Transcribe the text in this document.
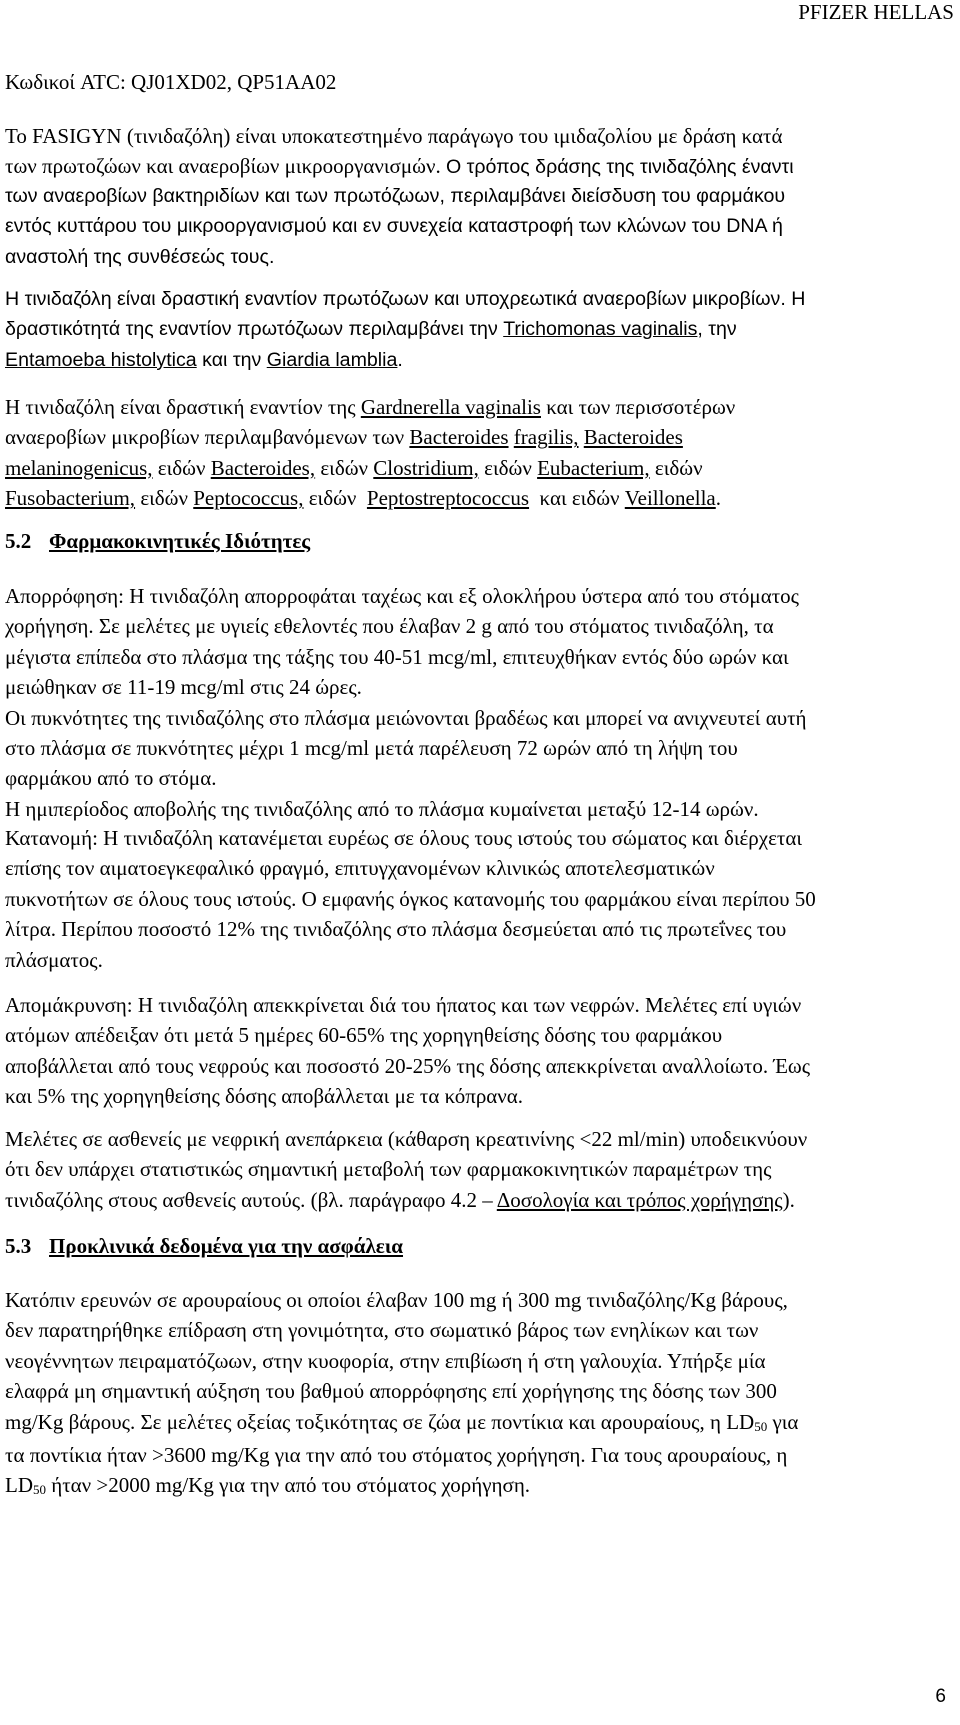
PFIZER HELLAS

Κωδικοί ATC: QJ01XD02, QP51AA02

Το FASIGYN (τινιδαζόλη) είναι υποκατεστημένο παράγωγο του ιμιδαζολίου με δράση κατά

των πρωτοζώων και αναεροβίων μικροοργανισμών. Ο τρόπος δράσης της τινιδαζόλης έναντι

των αναεροβίων βακτηριδίων και των πρωτόζωων, περιλαμβάνει διείσδυση του φαρμάκου

εντός κυττάρου του μικροοργανισμού και εν συνεχεία καταστροφή των κλώνων του DNA ή

αναστολή της συνθέσεώς τους.

Η τινιδαζόλη είναι δραστική εναντίον πρωτόζωων και υποχρεωτικά αναεροβίων μικροβίων. Η

δραστικότητά της εναντίον πρωτόζωων περιλαμβάνει την Trichomonas vaginalis, την

Entamoeba histolytica και την Giardia lamblia.

Η τινιδαζόλη είναι δραστική εναντίον της Gardnerella vaginalis και των περισσοτέρων

αναεροβίων μικροβίων περιλαμβανόμενων των Bacteroides fragilis, Bacteroides

melaninogenicus, ειδών Bacteroides, ειδών Clostridium, ειδών Eubacterium, ειδών

Fusobacterium, ειδών Peptococcus, ειδών  Peptostreptococcus  και ειδών Veillonella.

5.2 Φαρμακοκινητικές Ιδιότητες

Απορρόφηση: Η τινιδαζόλη απορροφάται ταχέως και εξ ολοκλήρου ύστερα από του στόματος

χορήγηση. Σε μελέτες με υγιείς εθελοντές που έλαβαν 2 g από του στόματος τινιδαζόλη, τα

μέγιστα επίπεδα στο πλάσμα της τάξης του 40-51 mcg/ml, επιτευχθήκαν εντός δύο ωρών και

μειώθηκαν σε 11-19 mcg/ml στις 24 ώρες.

Οι πυκνότητες της τινιδαζόλης στο πλάσμα μειώνονται βραδέως και μπορεί να ανιχνευτεί αυτή

στο πλάσμα σε πυκνότητες μέχρι 1 mcg/ml μετά παρέλευση 72 ωρών από τη λήψη του

φαρμάκου από το στόμα.

Η ημιπερίοδος αποβολής της τινιδαζόλης από το πλάσμα κυμαίνεται μεταξύ 12-14 ωρών.

Κατανομή: Η τινιδαζόλη κατανέμεται ευρέως σε όλους τους ιστούς του σώματος και διέρχεται

επίσης τον αιματοεγκεφαλικό φραγμό, επιτυγχανομένων κλινικώς αποτελεσματικών

πυκνοτήτων σε όλους τους ιστούς. Ο εμφανής όγκος κατανομής του φαρμάκου είναι περίπου 50

λίτρα. Περίπου ποσοστό 12% της τινιδαζόλης στο πλάσμα δεσμεύεται από τις πρωτεΐνες του

πλάσματος.

Απομάκρυνση: Η τινιδαζόλη απεκκρίνεται διά του ήπατος και των νεφρών. Μελέτες επί υγιών

ατόμων απέδειξαν ότι μετά 5 ημέρες 60-65% της χορηγηθείσης δόσης του φαρμάκου

αποβάλλεται από τους νεφρούς και ποσοστό 20-25% της δόσης απεκκρίνεται αναλλοίωτο. Έως

και 5% της χορηγηθείσης δόσης αποβάλλεται με τα κόπρανα.

Μελέτες σε ασθενείς με νεφρική ανεπάρκεια (κάθαρση κρεατινίνης <22 ml/min) υποδεικνύουν

ότι δεν υπάρχει στατιστικώς σημαντική μεταβολή των φαρμακοκινητικών παραμέτρων της

τινιδαζόλης στους ασθενείς αυτούς. (βλ. παράγραφο 4.2 – Δοσολογία και τρόπος χορήγησης).

5.3 Προκλινικά δεδομένα για την ασφάλεια

Κατόπιν ερευνών σε αρουραίους οι οποίοι έλαβαν 100 mg ή 300 mg τινιδαζόλης/Kg βάρους,

δεν παρατηρήθηκε επίδραση στη γονιμότητα, στο σωματικό βάρος των ενηλίκων και των

νεογέννητων πειραματόζωων, στην κυοφορία, στην επιβίωση ή στη γαλουχία. Υπήρξε μία

ελαφρά μη σημαντική αύξηση του βαθμού απορρόφησης επί χορήγησης της δόσης των 300

mg/Kg βάρους. Σε μελέτες οξείας τοξικότητας σε ζώα με ποντίκια και αρουραίους, η $LD_{50}$ για

τα ποντίκια ήταν >3600 mg/Kg για την από του στόματος χορήγηση. Για τους αρουραίους, η

$LD_{50}$ ήταν >2000 mg/Kg για την από του στόματος χορήγηση.

6
